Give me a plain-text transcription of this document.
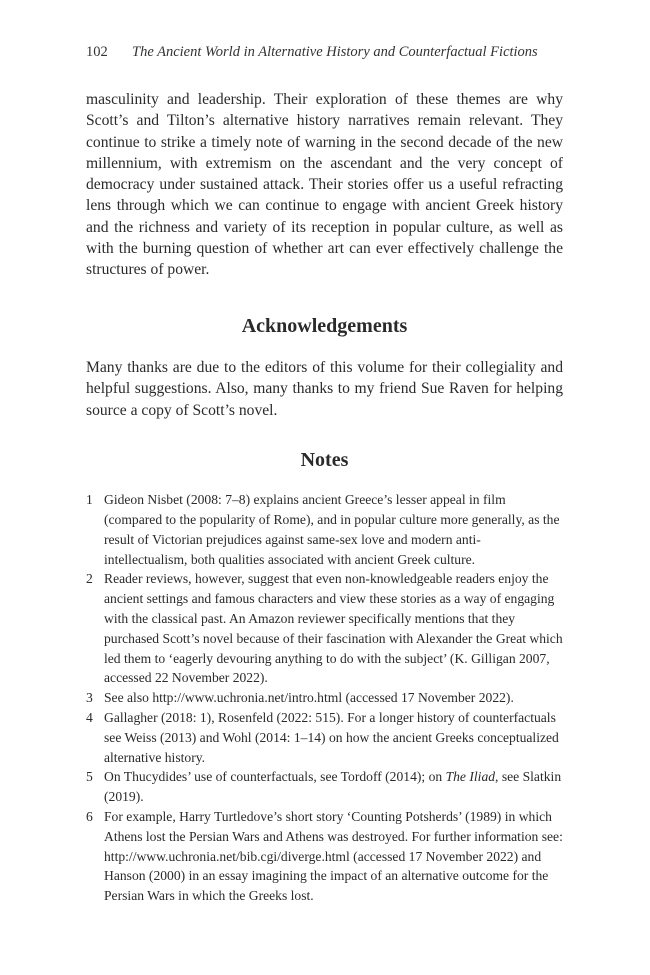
102 The Ancient World in Alternative History and Counterfactual Fictions

masculinity and leadership. Their exploration of these themes are why Scott’s and Tilton’s alternative history narratives remain relevant. They continue to strike a timely note of warning in the second decade of the new millennium, with extremism on the ascendant and the very concept of democracy under sustained attack. Their stories offer us a useful refracting lens through which we can continue to engage with ancient Greek history and the richness and variety of its reception in popular culture, as well as with the burning question of whether art can ever effectively challenge the structures of power.

Acknowledgements

Many thanks are due to the editors of this volume for their collegiality and helpful suggestions. Also, many thanks to my friend Sue Raven for helping source a copy of Scott’s novel.

Notes
1 Gideon Nisbet (2008: 7–8) explains ancient Greece’s lesser appeal in film (compared to the popularity of Rome), and in popular culture more generally, as the result of Victorian prejudices against same-sex love and modern anti-intellectualism, both qualities associated with ancient Greek culture.
2 Reader reviews, however, suggest that even non-knowledgeable readers enjoy the ancient settings and famous characters and view these stories as a way of engaging with the classical past. An Amazon reviewer specifically mentions that they purchased Scott’s novel because of their fascination with Alexander the Great which led them to ‘eagerly devouring anything to do with the subject’ (K. Gilligan 2007, accessed 22 November 2022).
3 See also http://www.uchronia.net/intro.html (accessed 17 November 2022).
4 Gallagher (2018: 1), Rosenfeld (2022: 515). For a longer history of counterfactuals see Weiss (2013) and Wohl (2014: 1–14) on how the ancient Greeks conceptualized alternative history.
5 On Thucydides’ use of counterfactuals, see Tordoff (2014); on The Iliad, see Slatkin (2019).
6 For example, Harry Turtledove’s short story ‘Counting Potsherds’ (1989) in which Athens lost the Persian Wars and Athens was destroyed. For further information see: http://www.uchronia.net/bib.cgi/diverge.html (accessed 17 November 2022) and Hanson (2000) in an essay imagining the impact of an alternative outcome for the Persian Wars in which the Greeks lost.
